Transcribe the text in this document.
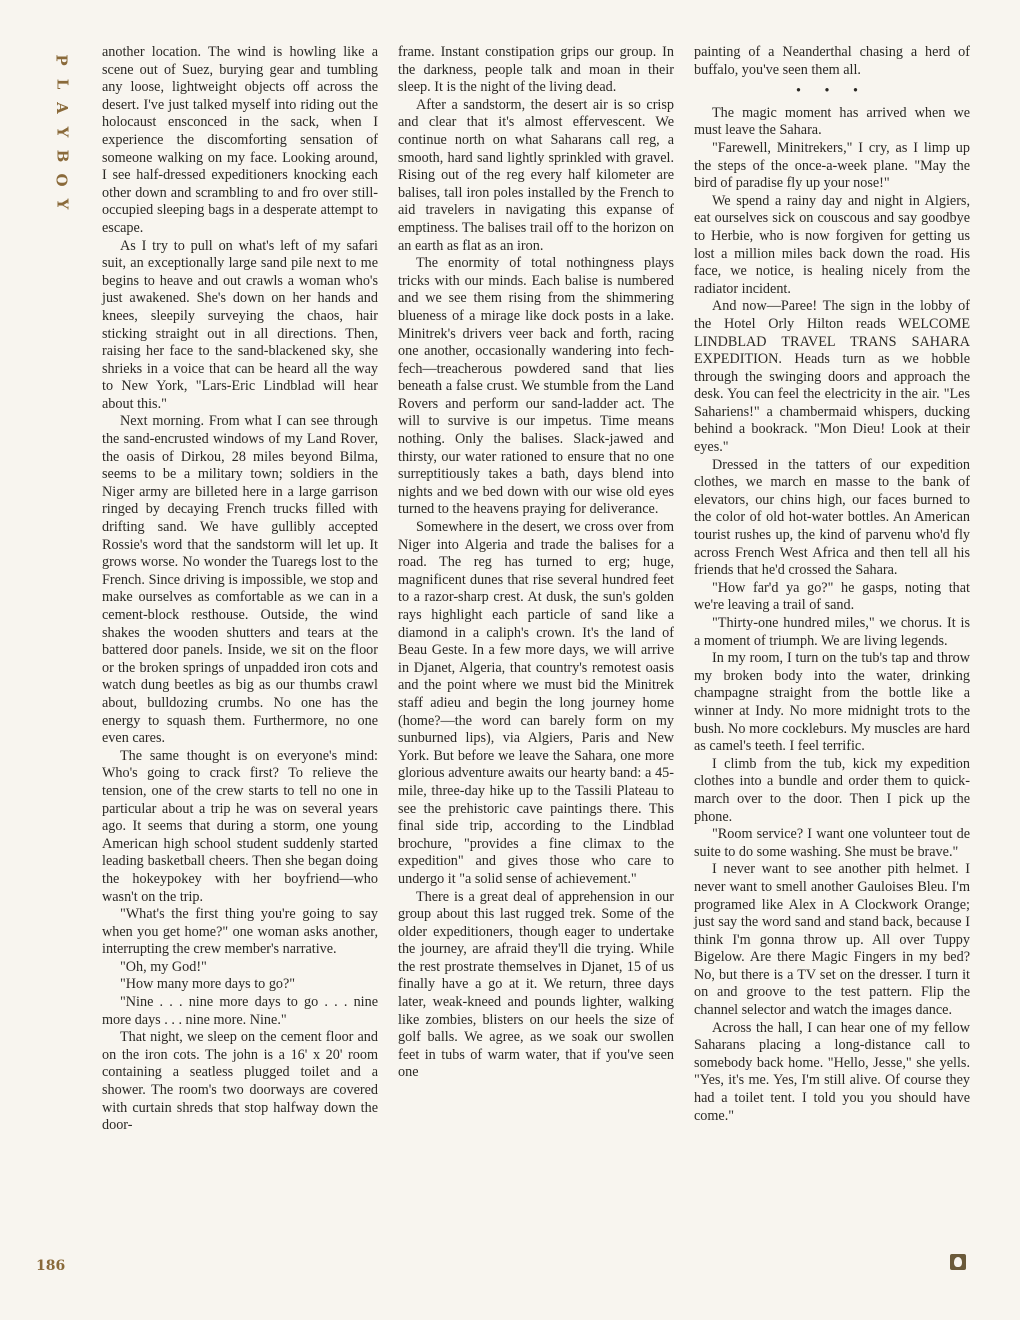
P
L
A
Y
B
O
Y

another location. The wind is howling like a scene out of Suez, burying gear and tumbling any loose, lightweight objects off across the desert. I've just talked myself into riding out the holocaust ensconced in the sack, when I experience the discomforting sensation of someone walking on my face. Looking around, I see half-dressed expeditioners knocking each other down and scrambling to and fro over still-occupied sleeping bags in a desperate attempt to escape.

As I try to pull on what's left of my safari suit, an exceptionally large sand pile next to me begins to heave and out crawls a woman who's just awakened. She's down on her hands and knees, sleepily surveying the chaos, hair sticking straight out in all directions. Then, raising her face to the sand-blackened sky, she shrieks in a voice that can be heard all the way to New York, "Lars-Eric Lindblad will hear about this."

Next morning. From what I can see through the sand-encrusted windows of my Land Rover, the oasis of Dirkou, 28 miles beyond Bilma, seems to be a military town; soldiers in the Niger army are billeted here in a large garrison ringed by decaying French trucks filled with drifting sand. We have gullibly accepted Rossie's word that the sandstorm will let up. It grows worse. No wonder the Tuaregs lost to the French. Since driving is impossible, we stop and make ourselves as comfortable as we can in a cement-block resthouse. Outside, the wind shakes the wooden shutters and tears at the battered door panels. Inside, we sit on the floor or the broken springs of unpadded iron cots and watch dung beetles as big as our thumbs crawl about, bulldozing crumbs. No one has the energy to squash them. Furthermore, no one even cares.

The same thought is on everyone's mind: Who's going to crack first? To relieve the tension, one of the crew starts to tell no one in particular about a trip he was on several years ago. It seems that during a storm, one young American high school student suddenly started leading basketball cheers. Then she began doing the hokeypokey with her boyfriend—who wasn't on the trip.

"What's the first thing you're going to say when you get home?" one woman asks another, interrupting the crew member's narrative.

"Oh, my God!"

"How many more days to go?"

"Nine . . . nine more days to go . . . nine more days . . . nine more. Nine."

That night, we sleep on the cement floor and on the iron cots. The john is a 16' x 20' room containing a seatless plugged toilet and a shower. The room's two doorways are covered with curtain shreds that stop halfway down the door-

frame. Instant constipation grips our group. In the darkness, people talk and moan in their sleep. It is the night of the living dead.

After a sandstorm, the desert air is so crisp and clear that it's almost effervescent. We continue north on what Saharans call reg, a smooth, hard sand lightly sprinkled with gravel. Rising out of the reg every half kilometer are balises, tall iron poles installed by the French to aid travelers in navigating this expanse of emptiness. The balises trail off to the horizon on an earth as flat as an iron.

The enormity of total nothingness plays tricks with our minds. Each balise is numbered and we see them rising from the shimmering blueness of a mirage like dock posts in a lake. Minitrek's drivers veer back and forth, racing one another, occasionally wandering into fech-fech—treacherous powdered sand that lies beneath a false crust. We stumble from the Land Rovers and perform our sand-ladder act. The will to survive is our impetus. Time means nothing. Only the balises. Slack-jawed and thirsty, our water rationed to ensure that no one surreptitiously takes a bath, days blend into nights and we bed down with our wise old eyes turned to the heavens praying for deliverance.

Somewhere in the desert, we cross over from Niger into Algeria and trade the balises for a road. The reg has turned to erg; huge, magnificent dunes that rise several hundred feet to a razor-sharp crest. At dusk, the sun's golden rays highlight each particle of sand like a diamond in a caliph's crown. It's the land of Beau Geste. In a few more days, we will arrive in Djanet, Algeria, that country's remotest oasis and the point where we must bid the Minitrek staff adieu and begin the long journey home (home?—the word can barely form on my sunburned lips), via Algiers, Paris and New York. But before we leave the Sahara, one more glorious adventure awaits our hearty band: a 45-mile, three-day hike up to the Tassili Plateau to see the prehistoric cave paintings there. This final side trip, according to the Lindblad brochure, "provides a fine climax to the expedition" and gives those who care to undergo it "a solid sense of achievement."

There is a great deal of apprehension in our group about this last rugged trek. Some of the older expeditioners, though eager to undertake the journey, are afraid they'll die trying. While the rest prostrate themselves in Djanet, 15 of us finally have a go at it. We return, three days later, weak-kneed and pounds lighter, walking like zombies, blisters on our heels the size of golf balls. We agree, as we soak our swollen feet in tubs of warm water, that if you've seen one

painting of a Neanderthal chasing a herd of buffalo, you've seen them all.

• • •

The magic moment has arrived when we must leave the Sahara.

"Farewell, Minitrekers," I cry, as I limp up the steps of the once-a-week plane. "May the bird of paradise fly up your nose!"

We spend a rainy day and night in Algiers, eat ourselves sick on couscous and say goodbye to Herbie, who is now forgiven for getting us lost a million miles back down the road. His face, we notice, is healing nicely from the radiator incident.

And now—Paree! The sign in the lobby of the Hotel Orly Hilton reads WELCOME LINDBLAD TRAVEL TRANS SAHARA EXPEDITION. Heads turn as we hobble through the swinging doors and approach the desk. You can feel the electricity in the air. "Les Sahariens!" a chambermaid whispers, ducking behind a bookrack. "Mon Dieu! Look at their eyes."

Dressed in the tatters of our expedition clothes, we march en masse to the bank of elevators, our chins high, our faces burned to the color of old hot-water bottles. An American tourist rushes up, the kind of parvenu who'd fly across French West Africa and then tell all his friends that he'd crossed the Sahara.

"How far'd ya go?" he gasps, noting that we're leaving a trail of sand.

"Thirty-one hundred miles," we chorus. It is a moment of triumph. We are living legends.

In my room, I turn on the tub's tap and throw my broken body into the water, drinking champagne straight from the bottle like a winner at Indy. No more midnight trots to the bush. No more cockleburs. My muscles are hard as camel's teeth. I feel terrific.

I climb from the tub, kick my expedition clothes into a bundle and order them to quick-march over to the door. Then I pick up the phone.

"Room service? I want one volunteer tout de suite to do some washing. She must be brave."

I never want to see another pith helmet. I never want to smell another Gauloises Bleu. I'm programed like Alex in A Clockwork Orange; just say the word sand and stand back, because I think I'm gonna throw up. All over Tuppy Bigelow. Are there Magic Fingers in my bed? No, but there is a TV set on the dresser. I turn it on and groove to the test pattern. Flip the channel selector and watch the images dance.

Across the hall, I can hear one of my fellow Saharans placing a long-distance call to somebody back home. "Hello, Jesse," she yells. "Yes, it's me. Yes, I'm still alive. Of course they had a toilet tent. I told you you should have come."

186
